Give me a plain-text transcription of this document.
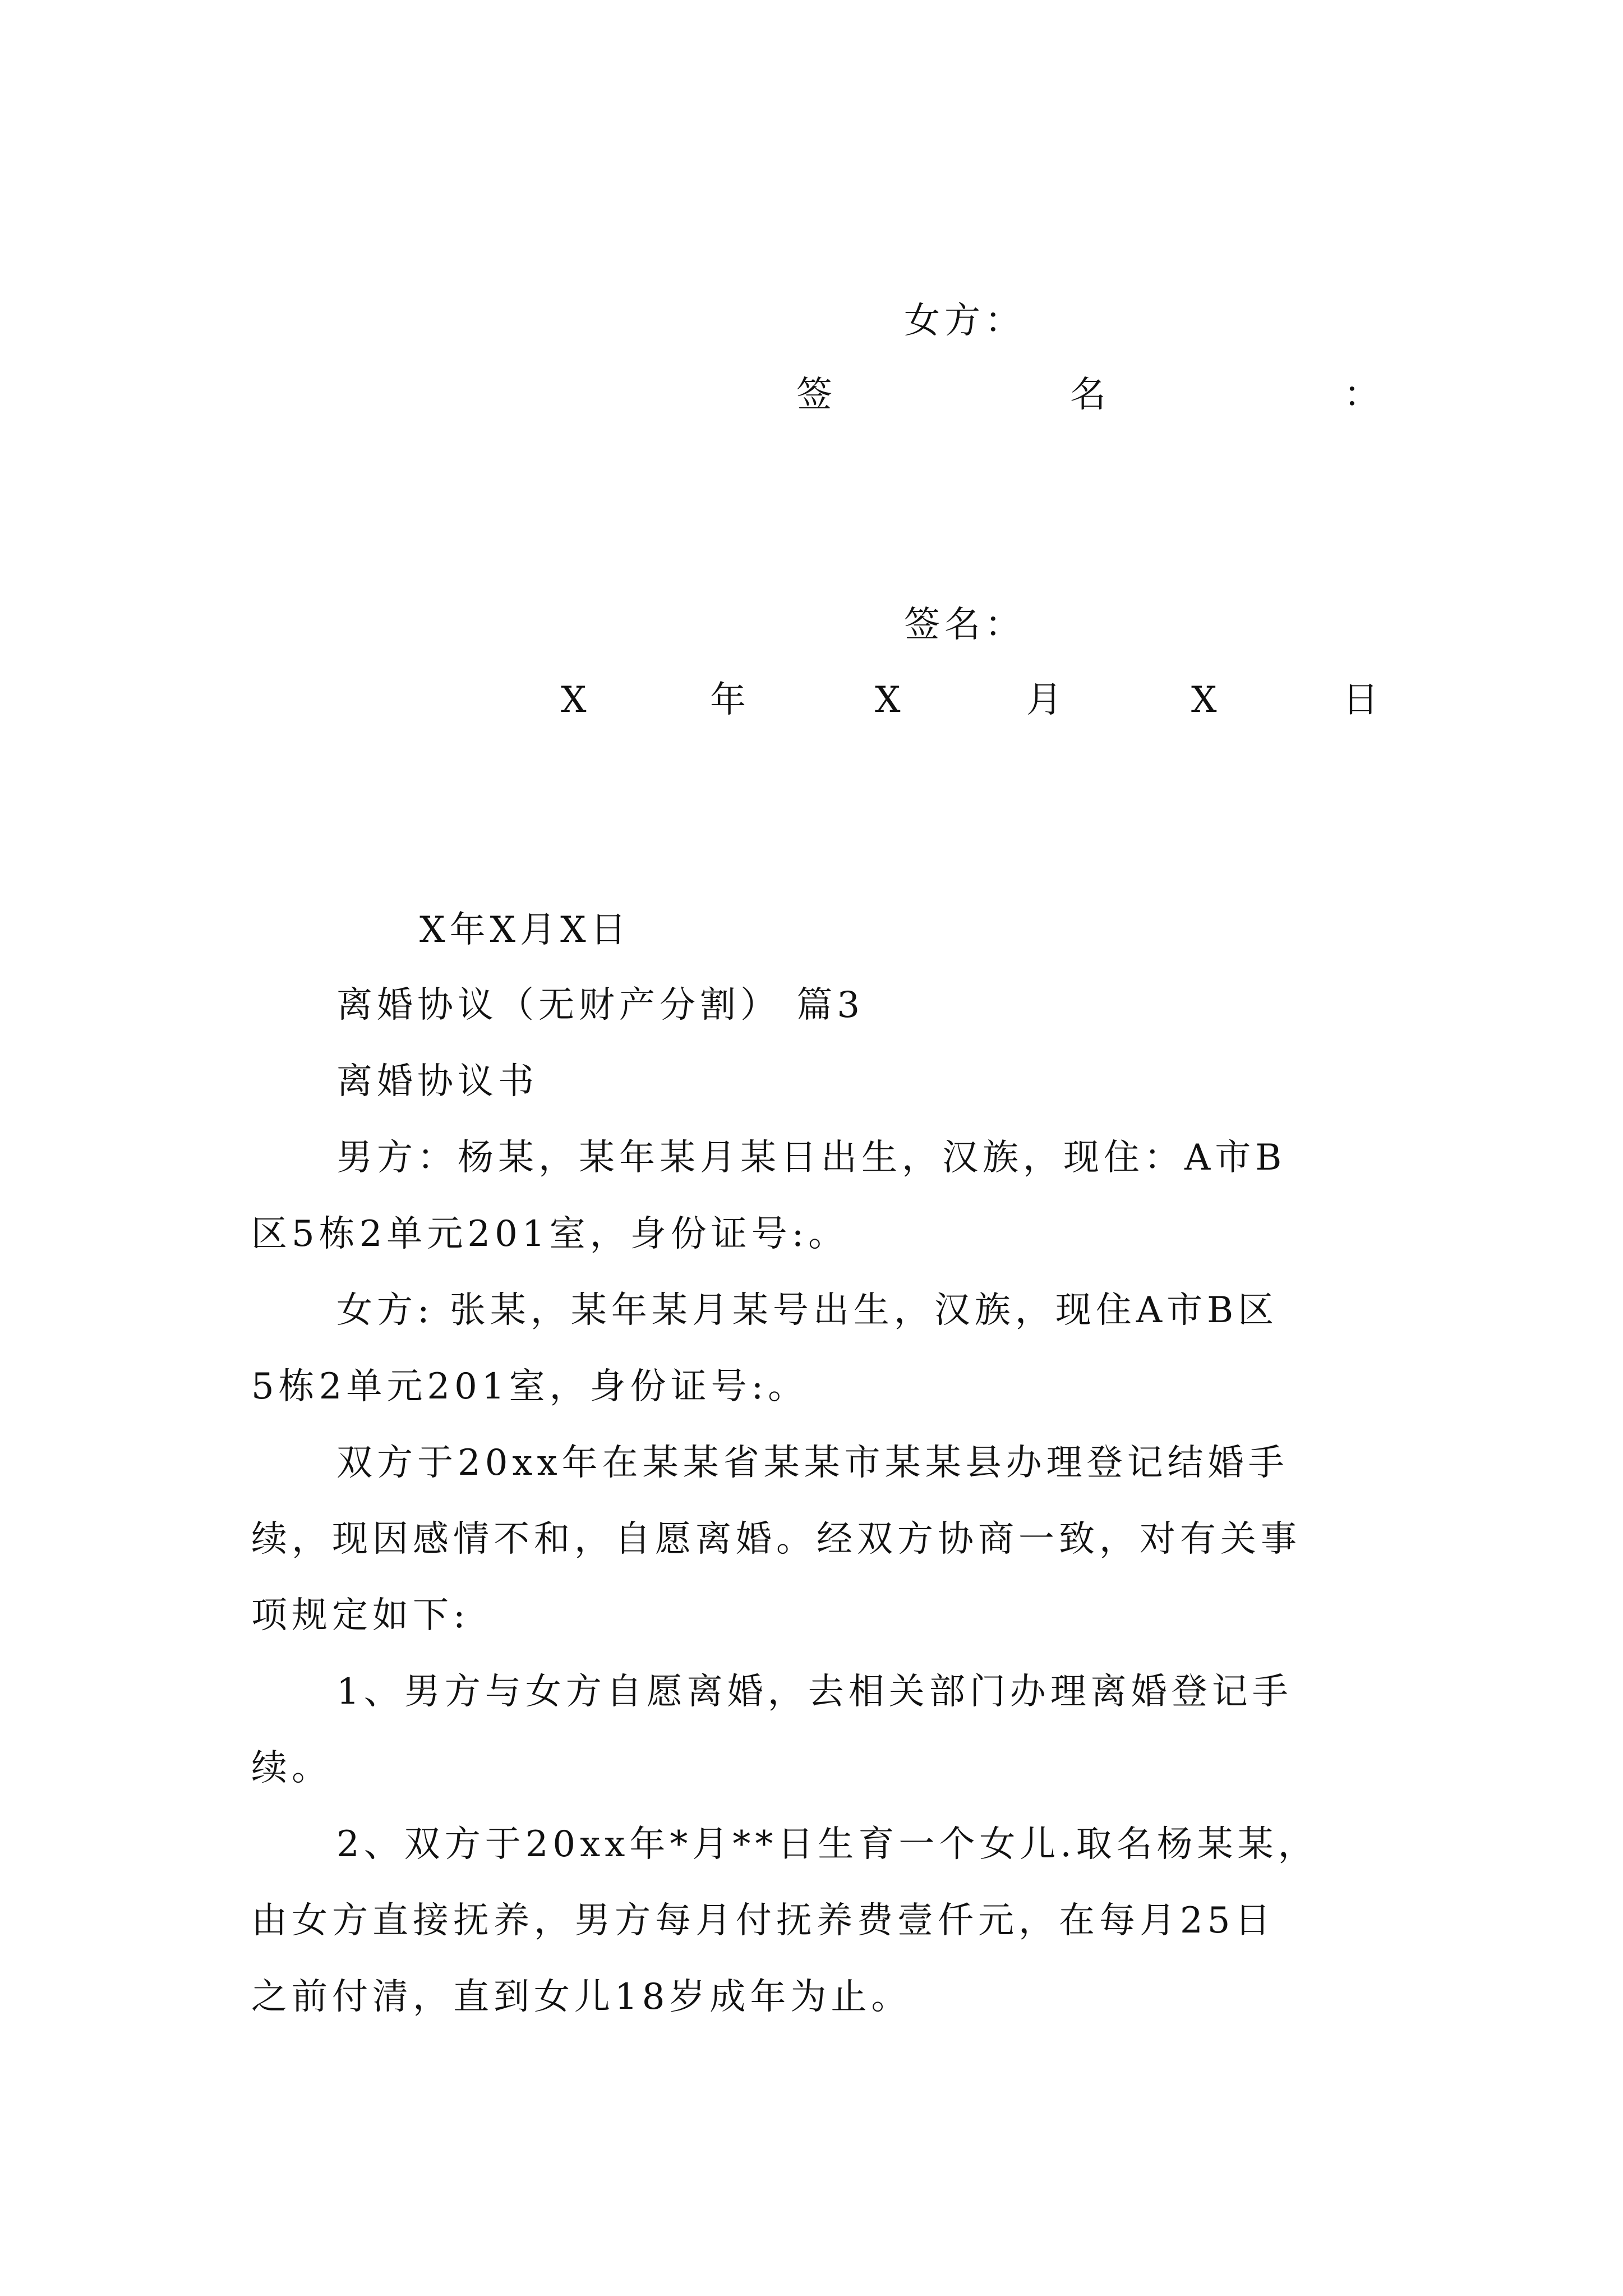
女方：
签	名	：
签名：
X	年	X	月	X	日
X年X月X日
离婚协议（无财产分割） 篇3
离婚协议书
男方：杨某，某年某月某日出生，汉族，现住：A市B
区5栋2单元201室，身份证号:。
女方: 张某，某年某月某号出生，汉族，现住A市B区
5栋2单元201室，身份证号:。
双方于20xx年在某某省某某市某某县办理登记结婚手
续，现因感情不和，自愿离婚。经双方协商一致，对有关事
项规定如下:
1、男方与女方自愿离婚，去相关部门办理离婚登记手
续。
2、双方于20xx年*月**日生育一个女儿.取名杨某某，
由女方直接抚养，男方每月付抚养费壹仟元，在每月25日
之前付清，直到女儿18岁成年为止。
